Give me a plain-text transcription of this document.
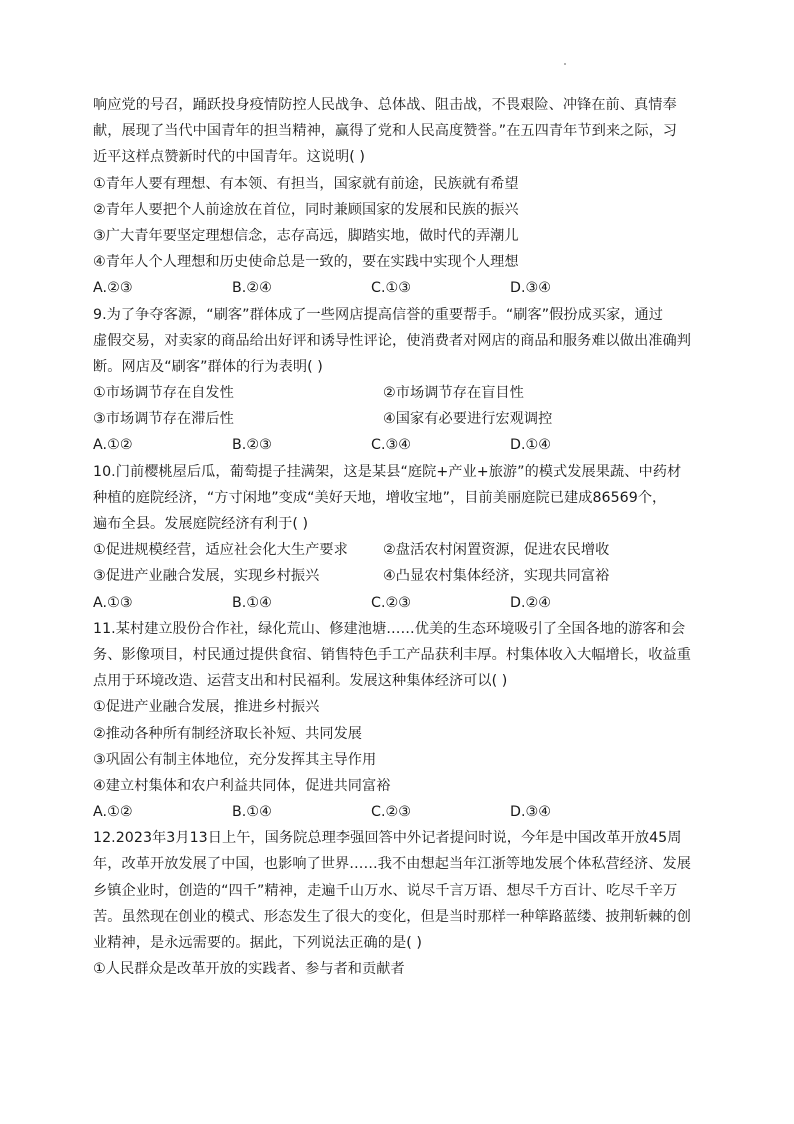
响应党的号召，踊跃投身疫情防控人民战争、总体战、阻击战，不畏艰险、冲锋在前、真情奉
献，展现了当代中国青年的担当精神，赢得了党和人民高度赞誉。”在五四青年节到来之际，习
近平这样点赞新时代的中国青年。这说明( )
①青年人要有理想、有本领、有担当，国家就有前途，民族就有希望
②青年人要把个人前途放在首位，同时兼顾国家的发展和民族的振兴
③广大青年要坚定理想信念，志存高远，脚踏实地，做时代的弄潮儿
④青年人个人理想和历史使命总是一致的，要在实践中实现个人理想
A.②③	B.②④	C.①③	D.③④
9.为了争夺客源，“刷客”群体成了一些网店提高信誉的重要帮手。“刷客”假扮成买家，通过
虚假交易，对卖家的商品给出好评和诱导性评论，使消费者对网店的商品和服务难以做出准确判
断。网店及“刷客”群体的行为表明( )
①市场调节存在自发性	②市场调节存在盲目性
③市场调节存在滞后性	④国家有必要进行宏观调控
A.①②	B.②③	C.③④	D.①④
10.门前樱桃屋后瓜，葡萄提子挂满架，这是某县“庭院+产业+旅游”的模式发展果蔬、中药材
种植的庭院经济，“方寸闲地”变成“美好天地，增收宝地”，目前美丽庭院已建成86569个，
遍布全县。发展庭院经济有利于( )
①促进规模经营，适应社会化大生产要求	②盘活农村闲置资源，促进农民增收
③促进产业融合发展，实现乡村振兴	④凸显农村集体经济，实现共同富裕
A.①③	B.①④	C.②③	D.②④
11.某村建立股份合作社，绿化荒山、修建池塘……优美的生态环境吸引了全国各地的游客和会
务、影像项目，村民通过提供食宿、销售特色手工产品获利丰厚。村集体收入大幅增长，收益重
点用于环境改造、运营支出和村民福利。发展这种集体经济可以( )
①促进产业融合发展，推进乡村振兴
②推动各种所有制经济取长补短、共同发展
③巩固公有制主体地位，充分发挥其主导作用
④建立村集体和农户利益共同体，促进共同富裕
A.①②	B.①④	C.②③	D.③④
12.2023年3月13日上午，国务院总理李强回答中外记者提问时说，今年是中国改革开放45周
年，改革开放发展了中国，也影响了世界……我不由想起当年江浙等地发展个体私营经济、发展
乡镇企业时，创造的“四千”精神，走遍千山万水、说尽千言万语、想尽千方百计、吃尽千辛万
苦。虽然现在创业的模式、形态发生了很大的变化，但是当时那样一种筚路蓝缕、披荆斩棘的创
业精神，是永远需要的。据此，下列说法正确的是( )
①人民群众是改革开放的实践者、参与者和贡献者
